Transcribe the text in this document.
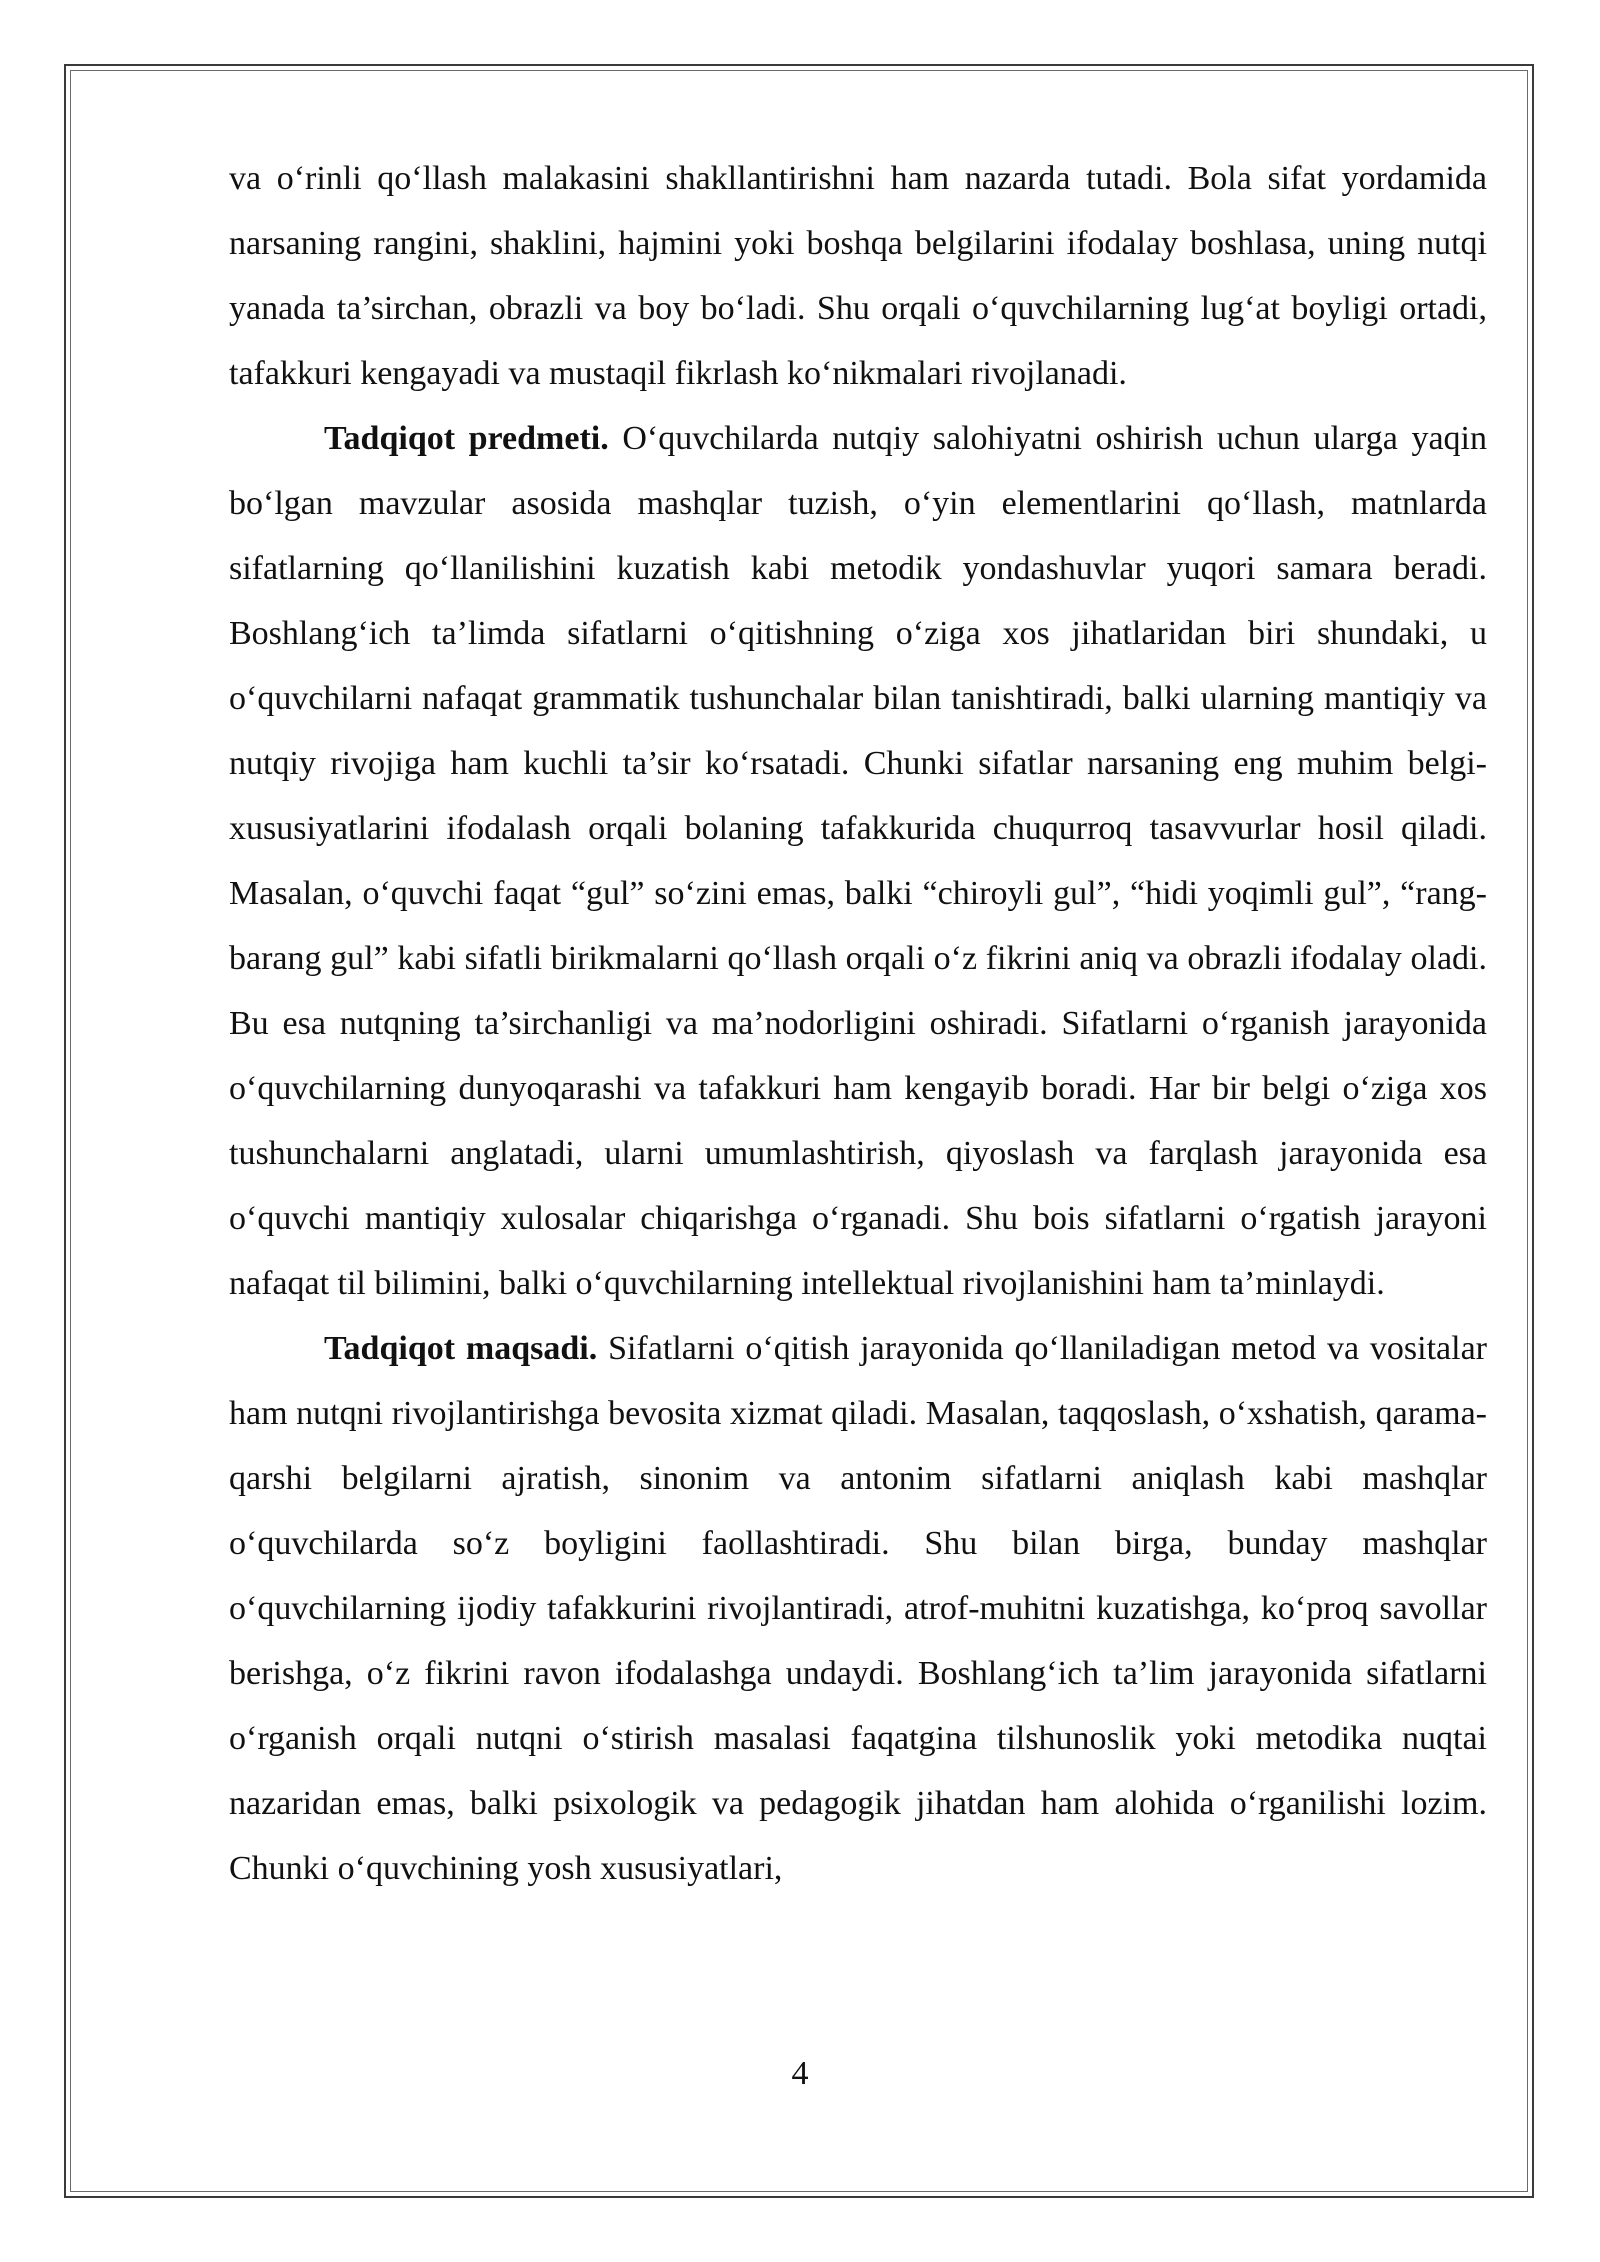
va o‘rinli qo‘llash malakasini shakllantirishni ham nazarda tutadi. Bola sifat yordamida narsaning rangini, shaklini, hajmini yoki boshqa belgilarini ifodalay boshlasa, uning nutqi yanada ta’sirchan, obrazli va boy bo‘ladi. Shu orqali o‘quvchilarning lug‘at boyligi ortadi, tafakkuri kengayadi va mustaqil fikrlash ko‘nikmalari rivojlanadi.

Tadqiqot predmeti. O‘quvchilarda nutqiy salohiyatni oshirish uchun ularga yaqin bo‘lgan mavzular asosida mashqlar tuzish, o‘yin elementlarini qo‘llash, matnlarda sifatlarning qo‘llanilishini kuzatish kabi metodik yondashuvlar yuqori samara beradi. Boshlang‘ich ta’limda sifatlarni o‘qitishning o‘ziga xos jihatlaridan biri shundaki, u o‘quvchilarni nafaqat grammatik tushunchalar bilan tanishtiradi, balki ularning mantiqiy va nutqiy rivojiga ham kuchli ta’sir ko‘rsatadi. Chunki sifatlar narsaning eng muhim belgi-xususiyatlarini ifodalash orqali bolaning tafakkurida chuqurroq tasavvurlar hosil qiladi. Masalan, o‘quvchi faqat “gul” so‘zini emas, balki “chiroyli gul”, “hidi yoqimli gul”, “rang-barang gul” kabi sifatli birikmalarni qo‘llash orqali o‘z fikrini aniq va obrazli ifodalay oladi. Bu esa nutqning ta’sirchanligi va ma’nodorligini oshiradi. Sifatlarni o‘rganish jarayonida o‘quvchilarning dunyoqarashi va tafakkuri ham kengayib boradi. Har bir belgi o‘ziga xos tushunchalarni anglatadi, ularni umumlashtirish, qiyoslash va farqlash jarayonida esa o‘quvchi mantiqiy xulosalar chiqarishga o‘rganadi. Shu bois sifatlarni o‘rgatish jarayoni nafaqat til bilimini, balki o‘quvchilarning intellektual rivojlanishini ham ta’minlaydi.

Tadqiqot maqsadi. Sifatlarni o‘qitish jarayonida qo‘llaniladigan metod va vositalar ham nutqni rivojlantirishga bevosita xizmat qiladi. Masalan, taqqoslash, o‘xshatish, qarama-qarshi belgilarni ajratish, sinonim va antonim sifatlarni aniqlash kabi mashqlar o‘quvchilarda so‘z boyligini faollashtiradi. Shu bilan birga, bunday mashqlar o‘quvchilarning ijodiy tafakkurini rivojlantiradi, atrof-muhitni kuzatishga, ko‘proq savollar berishga, o‘z fikrini ravon ifodalashga undaydi. Boshlang‘ich ta’lim jarayonida sifatlarni o‘rganish orqali nutqni o‘stirish masalasi faqatgina tilshunoslik yoki metodika nuqtai nazaridan emas, balki psixologik va pedagogik jihatdan ham alohida o‘rganilishi lozim. Chunki o‘quvchining yosh xususiyatlari,

4
